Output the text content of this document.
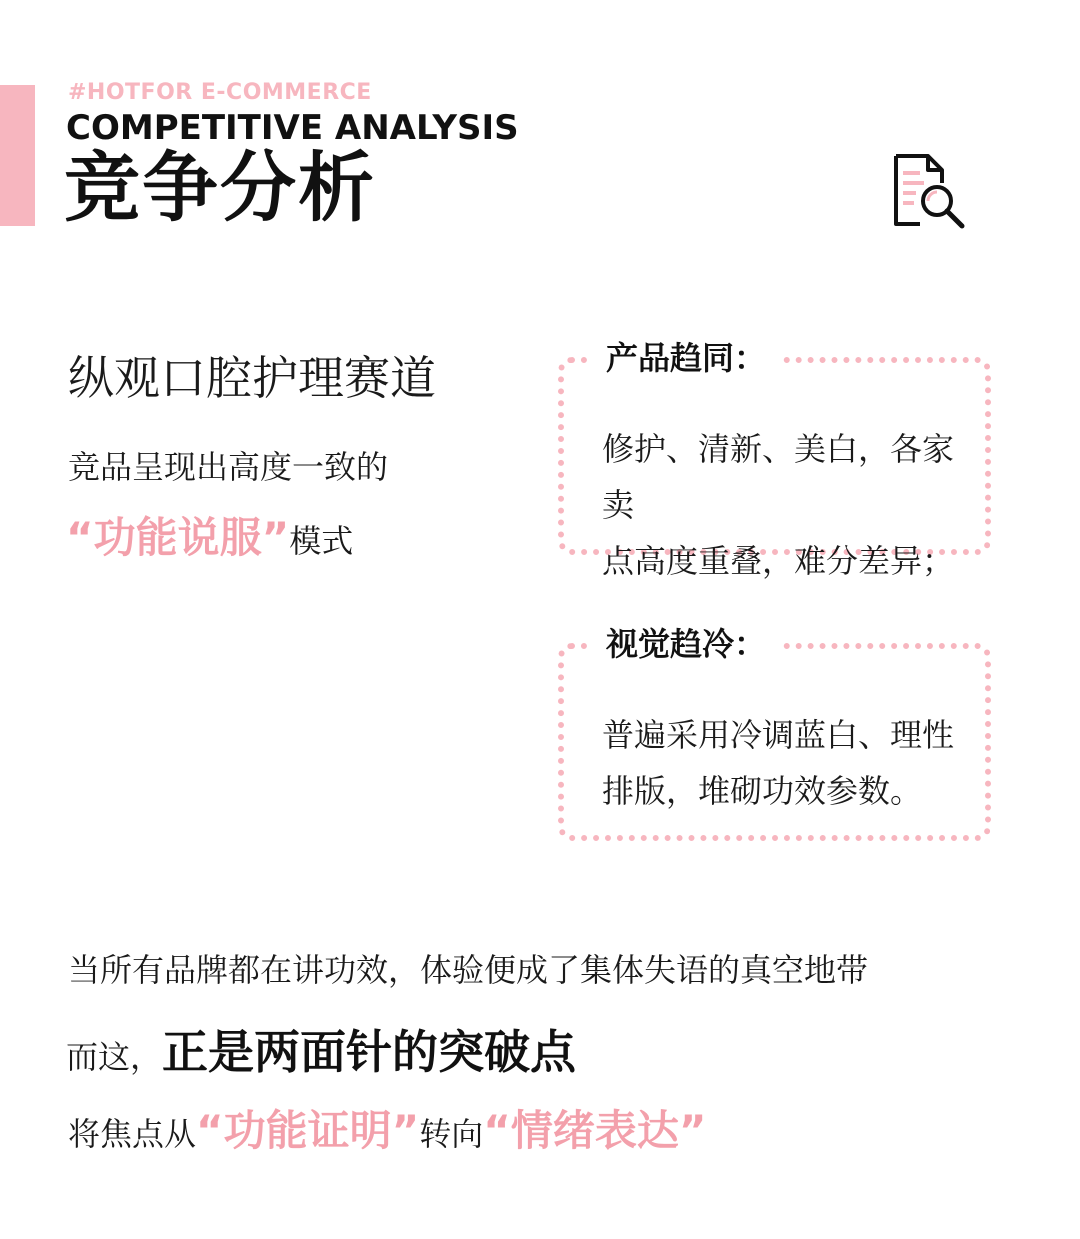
#HOTFOR E-COMMERCE
COMPETITIVE ANALYSIS
竞争分析
纵观口腔护理赛道
竞品呈现出高度一致的
“功能说服”模式
产品趋同：
修护、清新、美白，各家卖
点高度重叠，难分差异；
视觉趋冷：
普遍采用冷调蓝白、理性
排版，堆砌功效参数。
当所有品牌都在讲功效，体验便成了集体失语的真空地带
而这，正是两面针的突破点
将焦点从“功能证明”转向“情绪表达”
